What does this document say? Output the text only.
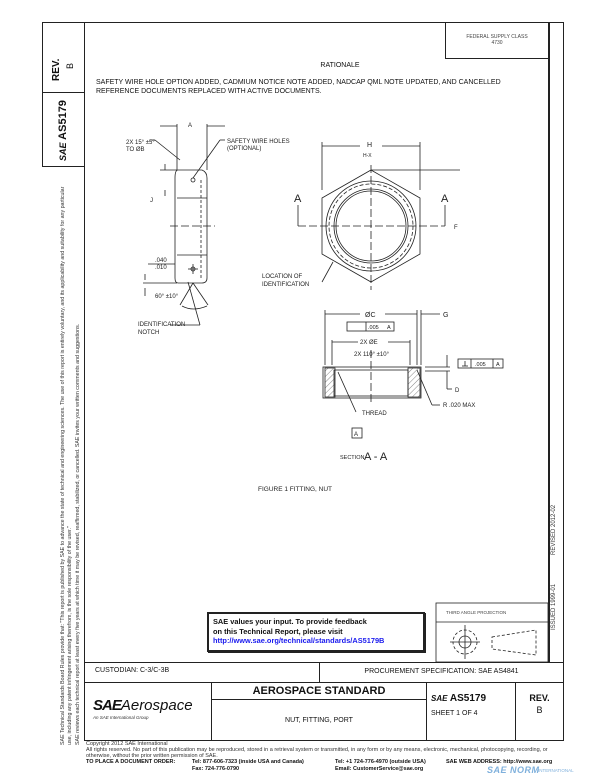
SAE Technical Standards Board Rules provide that: "This report is published by SAE to advance the state of technical and engineering sciences. The use of this report is entirely voluntary, and its applicability and suitability for any particular use, including any patent infringement arising therefrom, is the sole responsibility of the user." SAE reviews each technical report at least every five years at which time it may be revised, reaffirmed, stabilized, or cancelled. SAE invites your written comments and suggestions.
REV. B
SAE AS5179
ISSUED 1999-01
REVISED 2012-02
FEDERAL SUPPLY CLASS
4730
RATIONALE
SAFETY WIRE HOLE OPTION ADDED, CADMIUM NOTICE NOTE ADDED, NADCAP QML NOTE UPDATED, AND CANCELLED REFERENCE DOCUMENTS REPLACED WITH ACTIVE DOCUMENTS.
A
2X 15° ±5°
TO ØB
J
SAFETY WIRE HOLES
(OPTIONAL)
.040
.010
60° ±10°
IDENTIFICATION
NOTCH
H
H-X
A	A
F
LOCATION OF
IDENTIFICATION
ØC	G
.005 A
2X ØE
2X 110° ±10°
.005 A
D
THREAD
R .020 MAX
A
SECTION A - A
FIGURE 1 FITTING, NUT
THIRD ANGLE PROJECTION
SAE values your input. To provide feedback
on this Technical Report, please visit
http://www.sae.org/technical/standards/AS5179B
CUSTODIAN: C-3/C-3B	PROCUREMENT SPECIFICATION: SAE AS4841
SAEAerospace
An SAE International Group
AEROSPACE STANDARD
NUT, FITTING, PORT
SAE AS5179
SHEET 1 OF 4
REV.
B
Copyright 2012 SAE International
All rights reserved. No part of this publication may be reproduced, stored in a retrieval system or transmitted, in any form or by any means, electronic, mechanical, photocopying, recording, or otherwise, without the prior written permission of SAE.
TO PLACE A DOCUMENT ORDER:	Tel: 877-606-7323 (inside USA and Canada)
Fax: 724-776-0790
Tel: +1 724-776-4970 (outside USA)
Email: CustomerService@sae.org
SAE WEB ADDRESS: http://www.sae.org
SAE NORM
INTERNATIONAL
